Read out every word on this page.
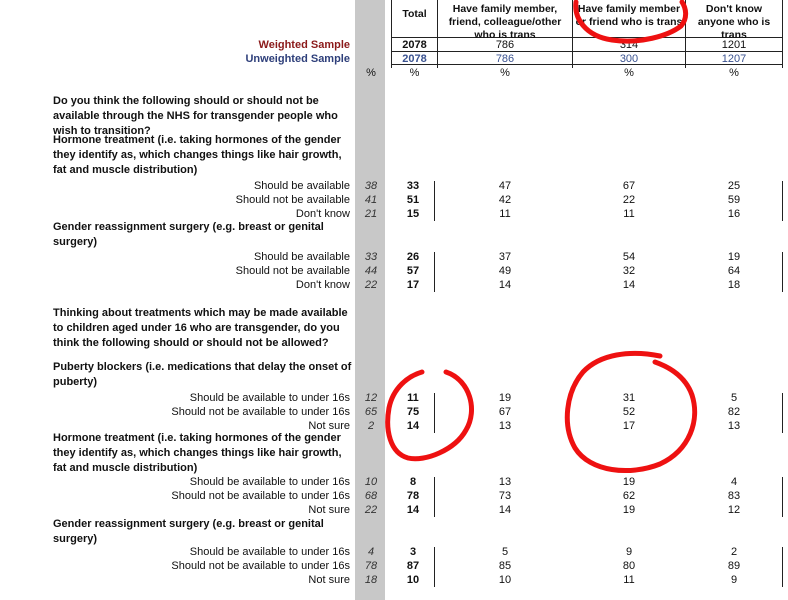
Total	Have family member, friend, colleague/other who is trans
Have family member or friend who is trans
Don't know anyone who is trans
Weighted Sample
Unweighted Sample
2078	786	314	1201
2078	786	300	1207
%	%	%	%	%
Do you think the following should or should not be available through the NHS for transgender people who wish to transition?
Hormone treatment (i.e. taking hormones of the gender they identify as, which changes things like hair growth, fat and muscle distribution)
Gender reassignment surgery (e.g. breast or genital surgery)
Thinking about treatments which may be made available to children aged under 16 who are transgender, do you think the following should or should not be allowed?
Puberty blockers (i.e. medications that delay the onset of puberty)
Hormone treatment (i.e. taking hormones of the gender they identify as, which changes things like hair growth, fat and muscle distribution)
Gender reassignment surgery (e.g. breast or genital surgery)
Should be available	38	33	47	67	25
Should not be available	41	51	42	22	59
Don't know	21	15	11	11	16
Should be available	33	26	37	54	19
Should not be available	44	57	49	32	64
Don't know	22	17	14	14	18
Should be available to under 16s	12	11	19	31	5
Should not be available to under 16s	65	75	67	52	82
Not sure	2	14	13	17	13
Should be available to under 16s	10	8	13	19	4
Should not be available to under 16s	68	78	73	62	83
Not sure	22	14	14	19	12
Should be available to under 16s	4	3	5	9	2
Should not be available to under 16s	78	87	85	80	89
Not sure	18	10	10	11	9
